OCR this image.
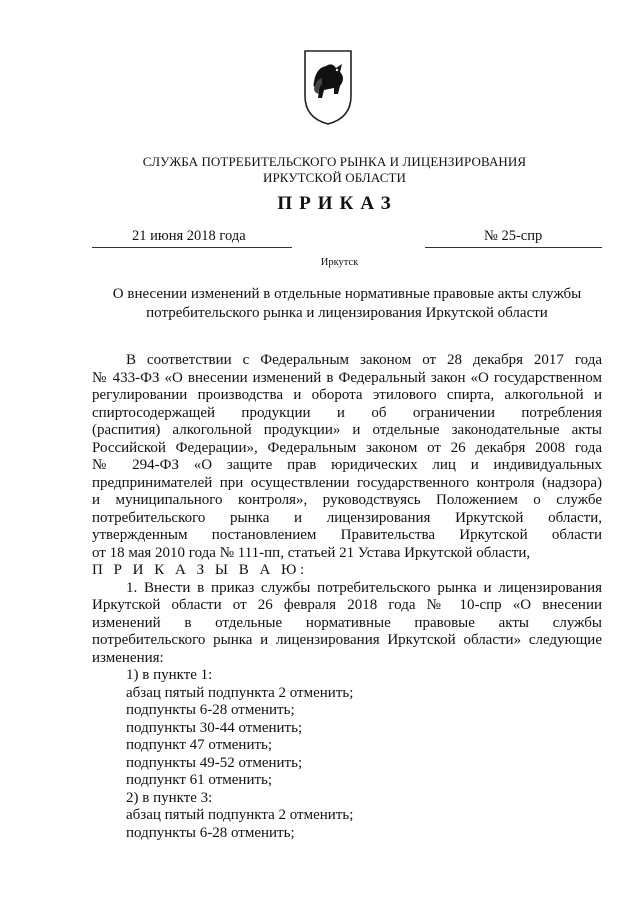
СЛУЖБА ПОТРЕБИТЕЛЬСКОГО РЫНКА И ЛИЦЕНЗИРОВАНИЯ
ИРКУТСКОЙ ОБЛАСТИ
ПРИКАЗ
21 июня 2018 года	№ 25-спр
Иркутск
О внесении изменений в отдельные нормативные правовые акты службы
потребительского рынка и лицензирования Иркутской области
В соответствии с Федеральным законом от 28 декабря 2017 года
№ 433-ФЗ «О внесении изменений в Федеральный закон «О государственном
регулировании производства и оборота этилового спирта, алкогольной и
спиртосодержащей продукции и об ограничении потребления
(распития) алкогольной продукции» и отдельные законодательные акты
Российской Федерации», Федеральным законом от 26 декабря 2008 года
№ 294-ФЗ «О защите прав юридических лиц и индивидуальных
предпринимателей при осуществлении государственного контроля (надзора)
и муниципального контроля», руководствуясь Положением о службе
потребительского рынка и лицензирования Иркутской области,
утвержденным постановлением Правительства Иркутской области
от 18 мая 2010 года № 111-пп, статьей 21 Устава Иркутской области,
П Р И К А З Ы В А Ю:
1. Внести в приказ службы потребительского рынка и лицензирования
Иркутской области от 26 февраля 2018 года № 10-спр «О внесении
изменений в отдельные нормативные правовые акты службы
потребительского рынка и лицензирования Иркутской области» следующие
изменения:
1) в пункте 1:
абзац пятый подпункта 2 отменить;
подпункты 6-28 отменить;
подпункты 30-44 отменить;
подпункт 47 отменить;
подпункты 49-52 отменить;
подпункт 61 отменить;
2) в пункте 3:
абзац пятый подпункта 2 отменить;
подпункты 6-28 отменить;
